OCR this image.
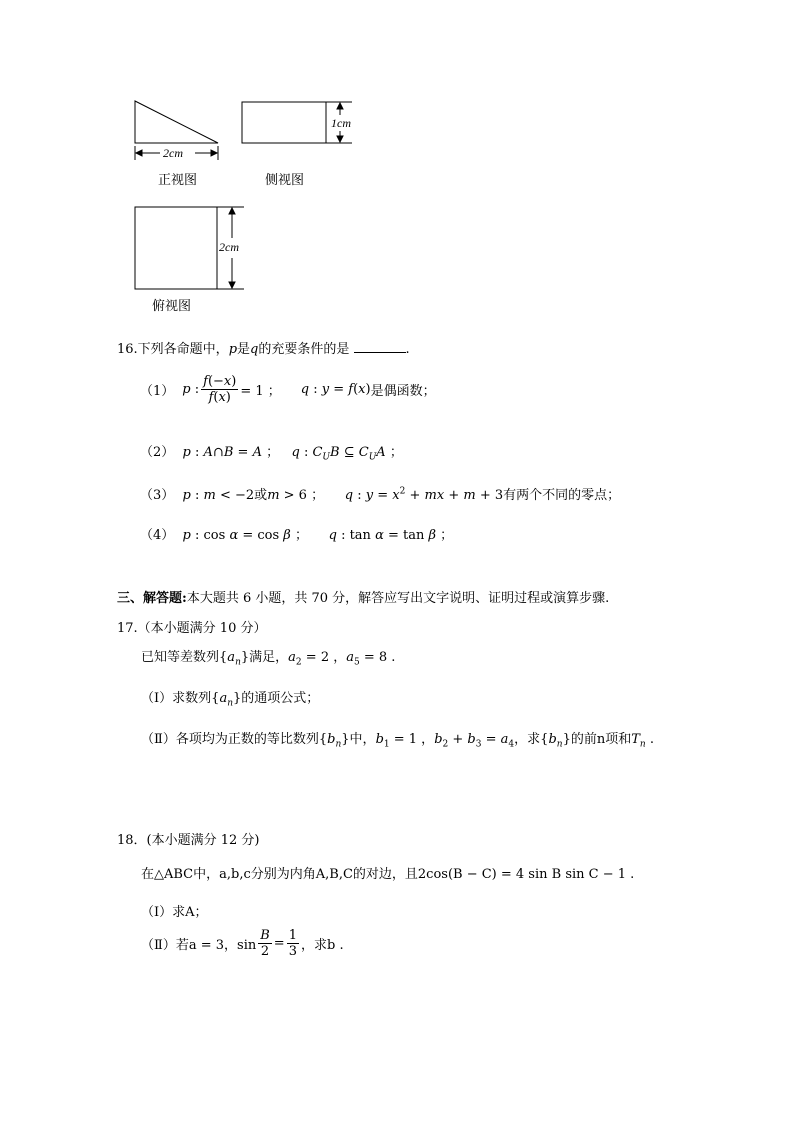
2cm
1cm
2cm
正视图	侧视图
俯视图
16.下列各命题中，p是q的充要条件的是	.
（1） p : $\frac{f(-x)}{f(x)} = 1$ ； q : y = f(x) 是偶函数；
（2） p : A∩B = A ；   q : $C_UB$ ⊆ $C_UA$ ；
（3） p : m < −2或m > 6 ；     q : $y = x^2$ + mx + m + 3有两个不同的零点；
（4） p : cos α = cos β ；     q : tan α = tan β ；
三、解答题:本大题共 6 小题，共 70 分，解答应写出文字说明、证明过程或演算步骤.
17.（本小题满分 10 分）
已知等差数列$\{a_n\}$满足，$a_2 = 2$ ，$a_5 = 8$ .
（Ⅰ）求数列$\{a_n\}$的通项公式；
（Ⅱ）各项均为正数的等比数列$\{b_n\}$中，$b_1 = 1$ ，$b_2 + b_3 = a_4$，求$\{b_n\}$的前n项和$T_n$ .
18．(本小题满分 12 分)
在△ABC中，a,b,c分别为内角A,B,C的对边，且2cos(B − C) = 4 sin B sin C − 1 .
（Ⅰ）求A；
（Ⅱ） 若a = 3，$\sin \frac{B}{2} = \frac{1}{3}$ ，求b .
